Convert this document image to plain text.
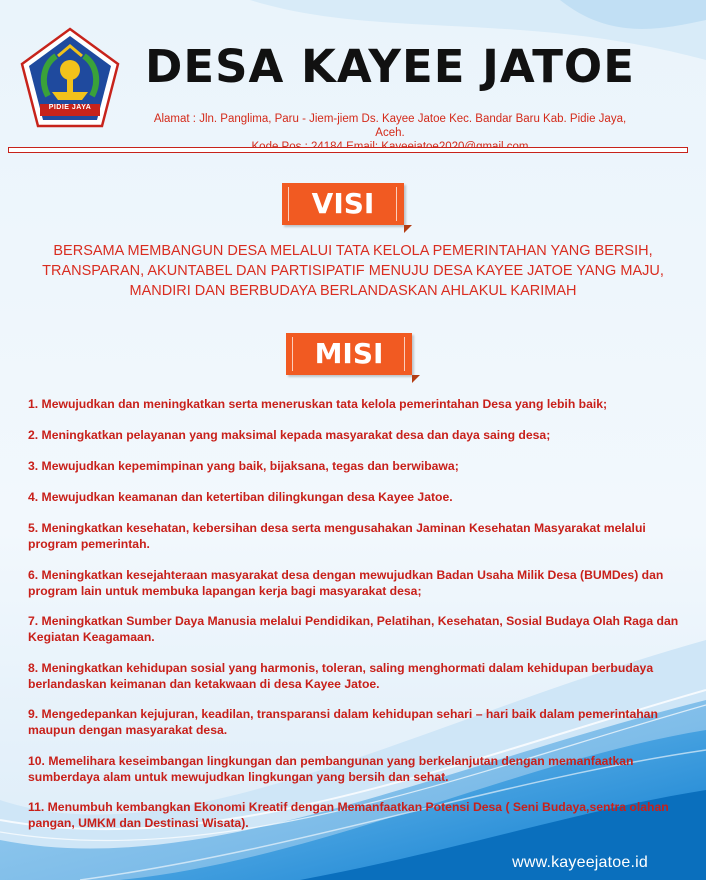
PIDIE JAYA
DESA KAYEE JATOE
Alamat : Jln. Panglima, Paru - Jiem-jiem Ds. Kayee Jatoe Kec. Bandar Baru Kab. Pidie Jaya, Aceh.
VISI

BERSAMA MEMBANGUN DESA MELALUI TATA KELOLA PEMERINTAHAN YANG BERSIH, TRANSPARAN, AKUNTABEL DAN PARTISIPATIF MENUJU DESA KAYEE JATOE YANG MAJU, MANDIRI DAN BERBUDAYA BERLANDASKAN AHLAKUL KARIMAH

MISI
1. Mewujudkan dan meningkatkan serta meneruskan tata kelola pemerintahan Desa yang lebih baik;
2. Meningkatkan pelayanan yang maksimal kepada masyarakat desa dan daya saing desa;
3. Mewujudkan kepemimpinan yang baik, bijaksana, tegas dan berwibawa;
4. Mewujudkan keamanan dan ketertiban dilingkungan desa Kayee Jatoe.
5. Meningkatkan kesehatan, kebersihan desa serta mengusahakan Jaminan Kesehatan Masyarakat melalui program pemerintah.
6. Meningkatkan kesejahteraan masyarakat desa dengan mewujudkan Badan Usaha Milik Desa (BUMDes) dan program lain untuk membuka lapangan kerja bagi masyarakat desa;
7. Meningkatkan Sumber Daya Manusia melalui Pendidikan, Pelatihan, Kesehatan, Sosial Budaya Olah Raga dan Kegiatan Keagamaan.
8. Meningkatkan kehidupan sosial yang harmonis, toleran, saling menghormati dalam kehidupan berbudaya berlandaskan keimanan dan ketakwaan di desa Kayee Jatoe.
9. Mengedepankan kejujuran, keadilan, transparansi dalam kehidupan sehari – hari baik dalam pemerintahan maupun dengan masyarakat desa.
10. Memelihara keseimbangan lingkungan dan pembangunan yang berkelanjutan dengan memanfaatkan sumberdaya alam untuk mewujudkan lingkungan yang bersih dan sehat.
11. Menumbuh kembangkan Ekonomi Kreatif dengan Memanfaatkan Potensi Desa ( Seni Budaya,sentra olahan pangan, UMKM dan Destinasi Wisata).
www.kayeejatoe.id
